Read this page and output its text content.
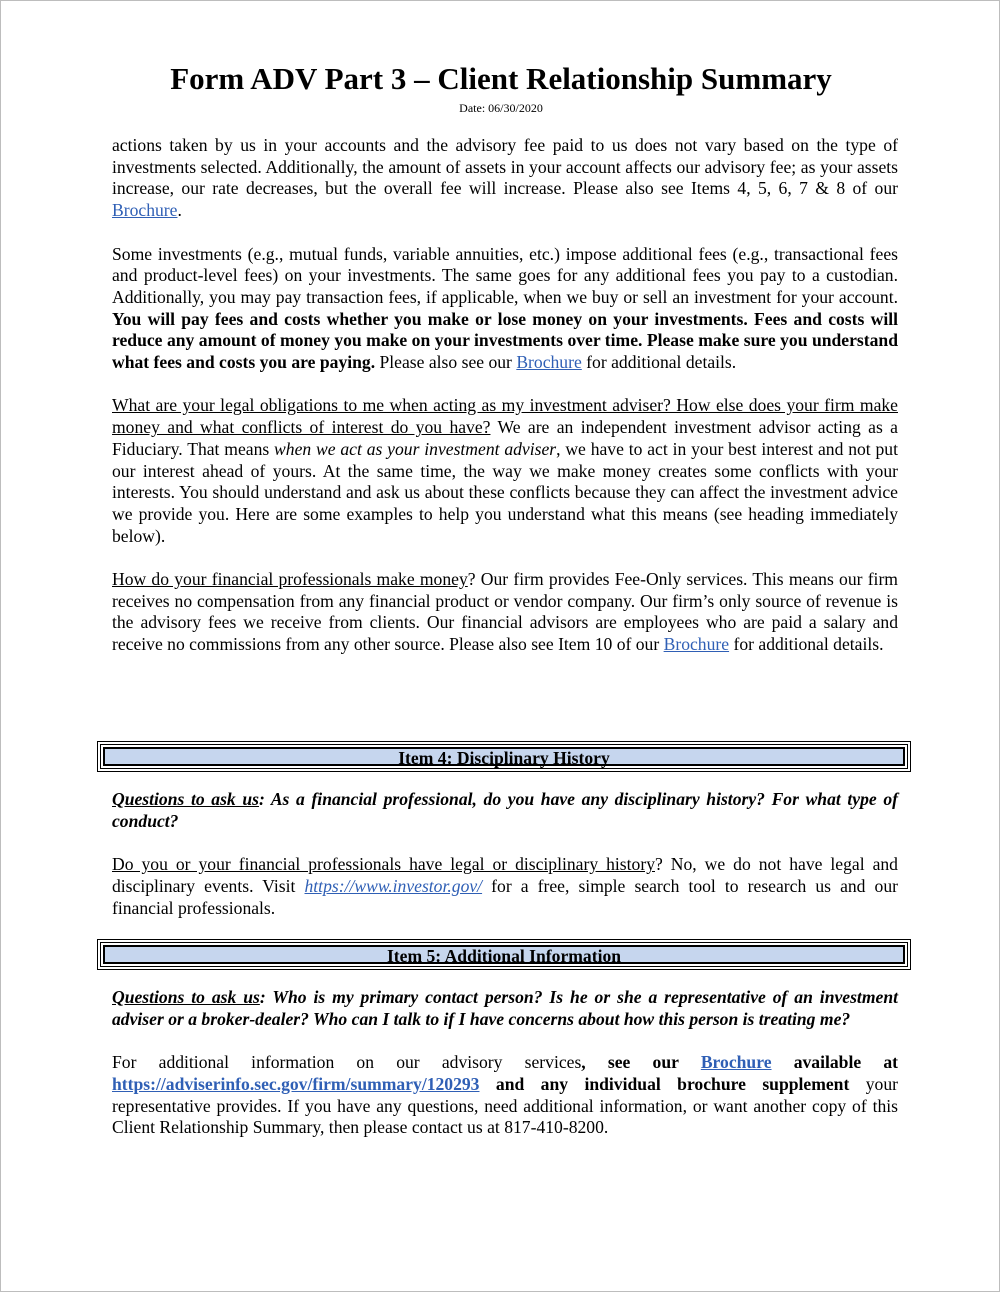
Form ADV Part 3 – Client Relationship Summary
Date: 06/30/2020

actions taken by us in your accounts and the advisory fee paid to us does not vary based on the type of investments selected. Additionally, the amount of assets in your account affects our advisory fee; as your assets increase, our rate decreases, but the overall fee will increase. Please also see Items 4, 5, 6, 7 & 8 of our Brochure.

Some investments (e.g., mutual funds, variable annuities, etc.) impose additional fees (e.g., transactional fees and product-level fees) on your investments. The same goes for any additional fees you pay to a custodian. Additionally, you may pay transaction fees, if applicable, when we buy or sell an investment for your account. You will pay fees and costs whether you make or lose money on your investments. Fees and costs will reduce any amount of money you make on your investments over time. Please make sure you understand what fees and costs you are paying. Please also see our Brochure for additional details.

What are your legal obligations to me when acting as my investment adviser? How else does your firm make money and what conflicts of interest do you have? We are an independent investment advisor acting as a Fiduciary. That means when we act as your investment adviser, we have to act in your best interest and not put our interest ahead of yours. At the same time, the way we make money creates some conflicts with your interests. You should understand and ask us about these conflicts because they can affect the investment advice we provide you. Here are some examples to help you understand what this means (see heading immediately below).

How do your financial professionals make money? Our firm provides Fee-Only services. This means our firm receives no compensation from any financial product or vendor company. Our firm’s only source of revenue is the advisory fees we receive from clients. Our financial advisors are employees who are paid a salary and receive no commissions from any other source. Please also see Item 10 of our Brochure for additional details.

Item 4: Disciplinary History

Questions to ask us: As a financial professional, do you have any disciplinary history? For what type of conduct?

Do you or your financial professionals have legal or disciplinary history? No, we do not have legal and disciplinary events. Visit https://www.investor.gov/ for a free, simple search tool to research us and our financial professionals.

Item 5: Additional Information

Questions to ask us: Who is my primary contact person? Is he or she a representative of an investment adviser or a broker-dealer? Who can I talk to if I have concerns about how this person is treating me?

For additional information on our advisory services, see our Brochure available at https://adviserinfo.sec.gov/firm/summary/120293 and any individual brochure supplement your representative provides. If you have any questions, need additional information, or want another copy of this Client Relationship Summary, then please contact us at 817-410-8200.
